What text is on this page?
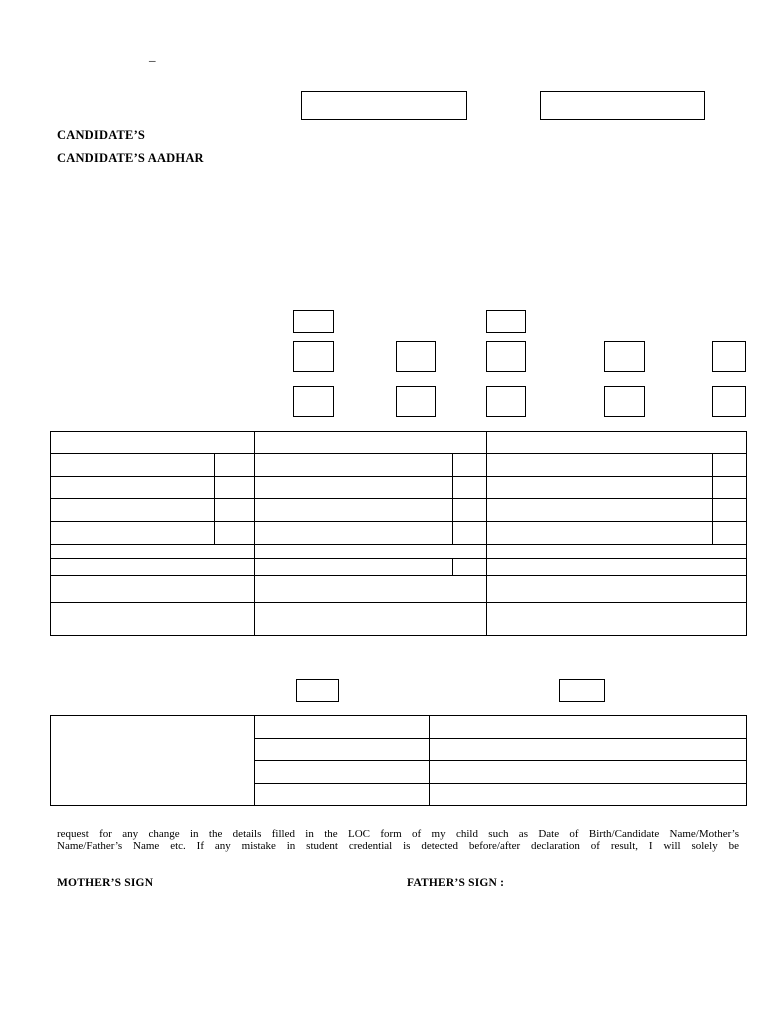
_
CANDIDATE’S
CANDIDATE’S AADHAR

request for any change in the details filled in the LOC form of my child such as Date of Birth/Candidate Name/Mother’s
Name/Father’s Name etc. If any mistake in student credential is detected before/after declaration of result, I will solely be
MOTHER’S SIGN	FATHER’S SIGN :
